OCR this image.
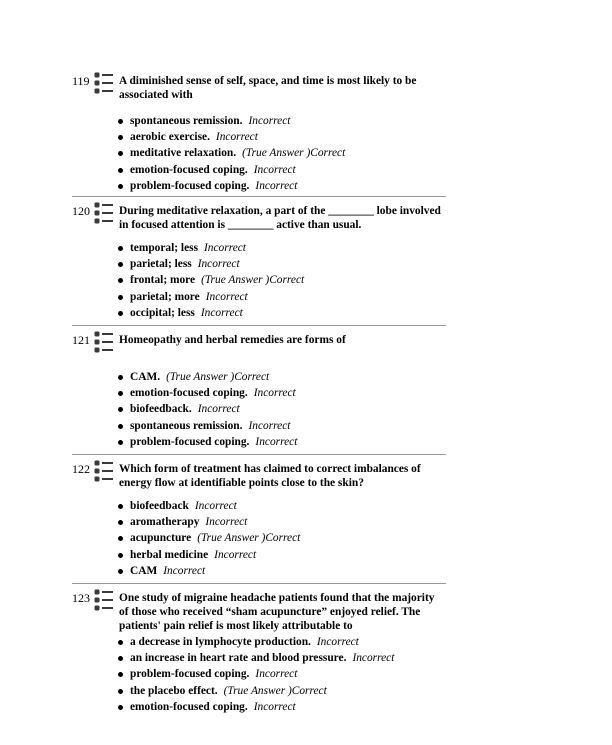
119	A diminished sense of self, space, and time is most likely to be associated with
spontaneous remission. Incorrect
aerobic exercise. Incorrect
meditative relaxation. (True Answer )Correct
emotion-focused coping. Incorrect
problem-focused coping. Incorrect
120	During meditative relaxation, a part of the ________ lobe involved in focused attention is ________ active than usual.
temporal; less Incorrect
parietal; less Incorrect
frontal; more (True Answer )Correct
parietal; more Incorrect
occipital; less Incorrect
121	Homeopathy and herbal remedies are forms of
CAM. (True Answer )Correct
emotion-focused coping. Incorrect
biofeedback. Incorrect
spontaneous remission. Incorrect
problem-focused coping. Incorrect
122	Which form of treatment has claimed to correct imbalances of energy flow at identifiable points close to the skin?
biofeedback Incorrect
aromatherapy Incorrect
acupuncture (True Answer )Correct
herbal medicine Incorrect
CAM Incorrect
123	One study of migraine headache patients found that the majority of those who received “sham acupuncture” enjoyed relief. The patients' pain relief is most likely attributable to
a decrease in lymphocyte production. Incorrect
an increase in heart rate and blood pressure. Incorrect
problem-focused coping. Incorrect
the placebo effect. (True Answer )Correct
emotion-focused coping. Incorrect
